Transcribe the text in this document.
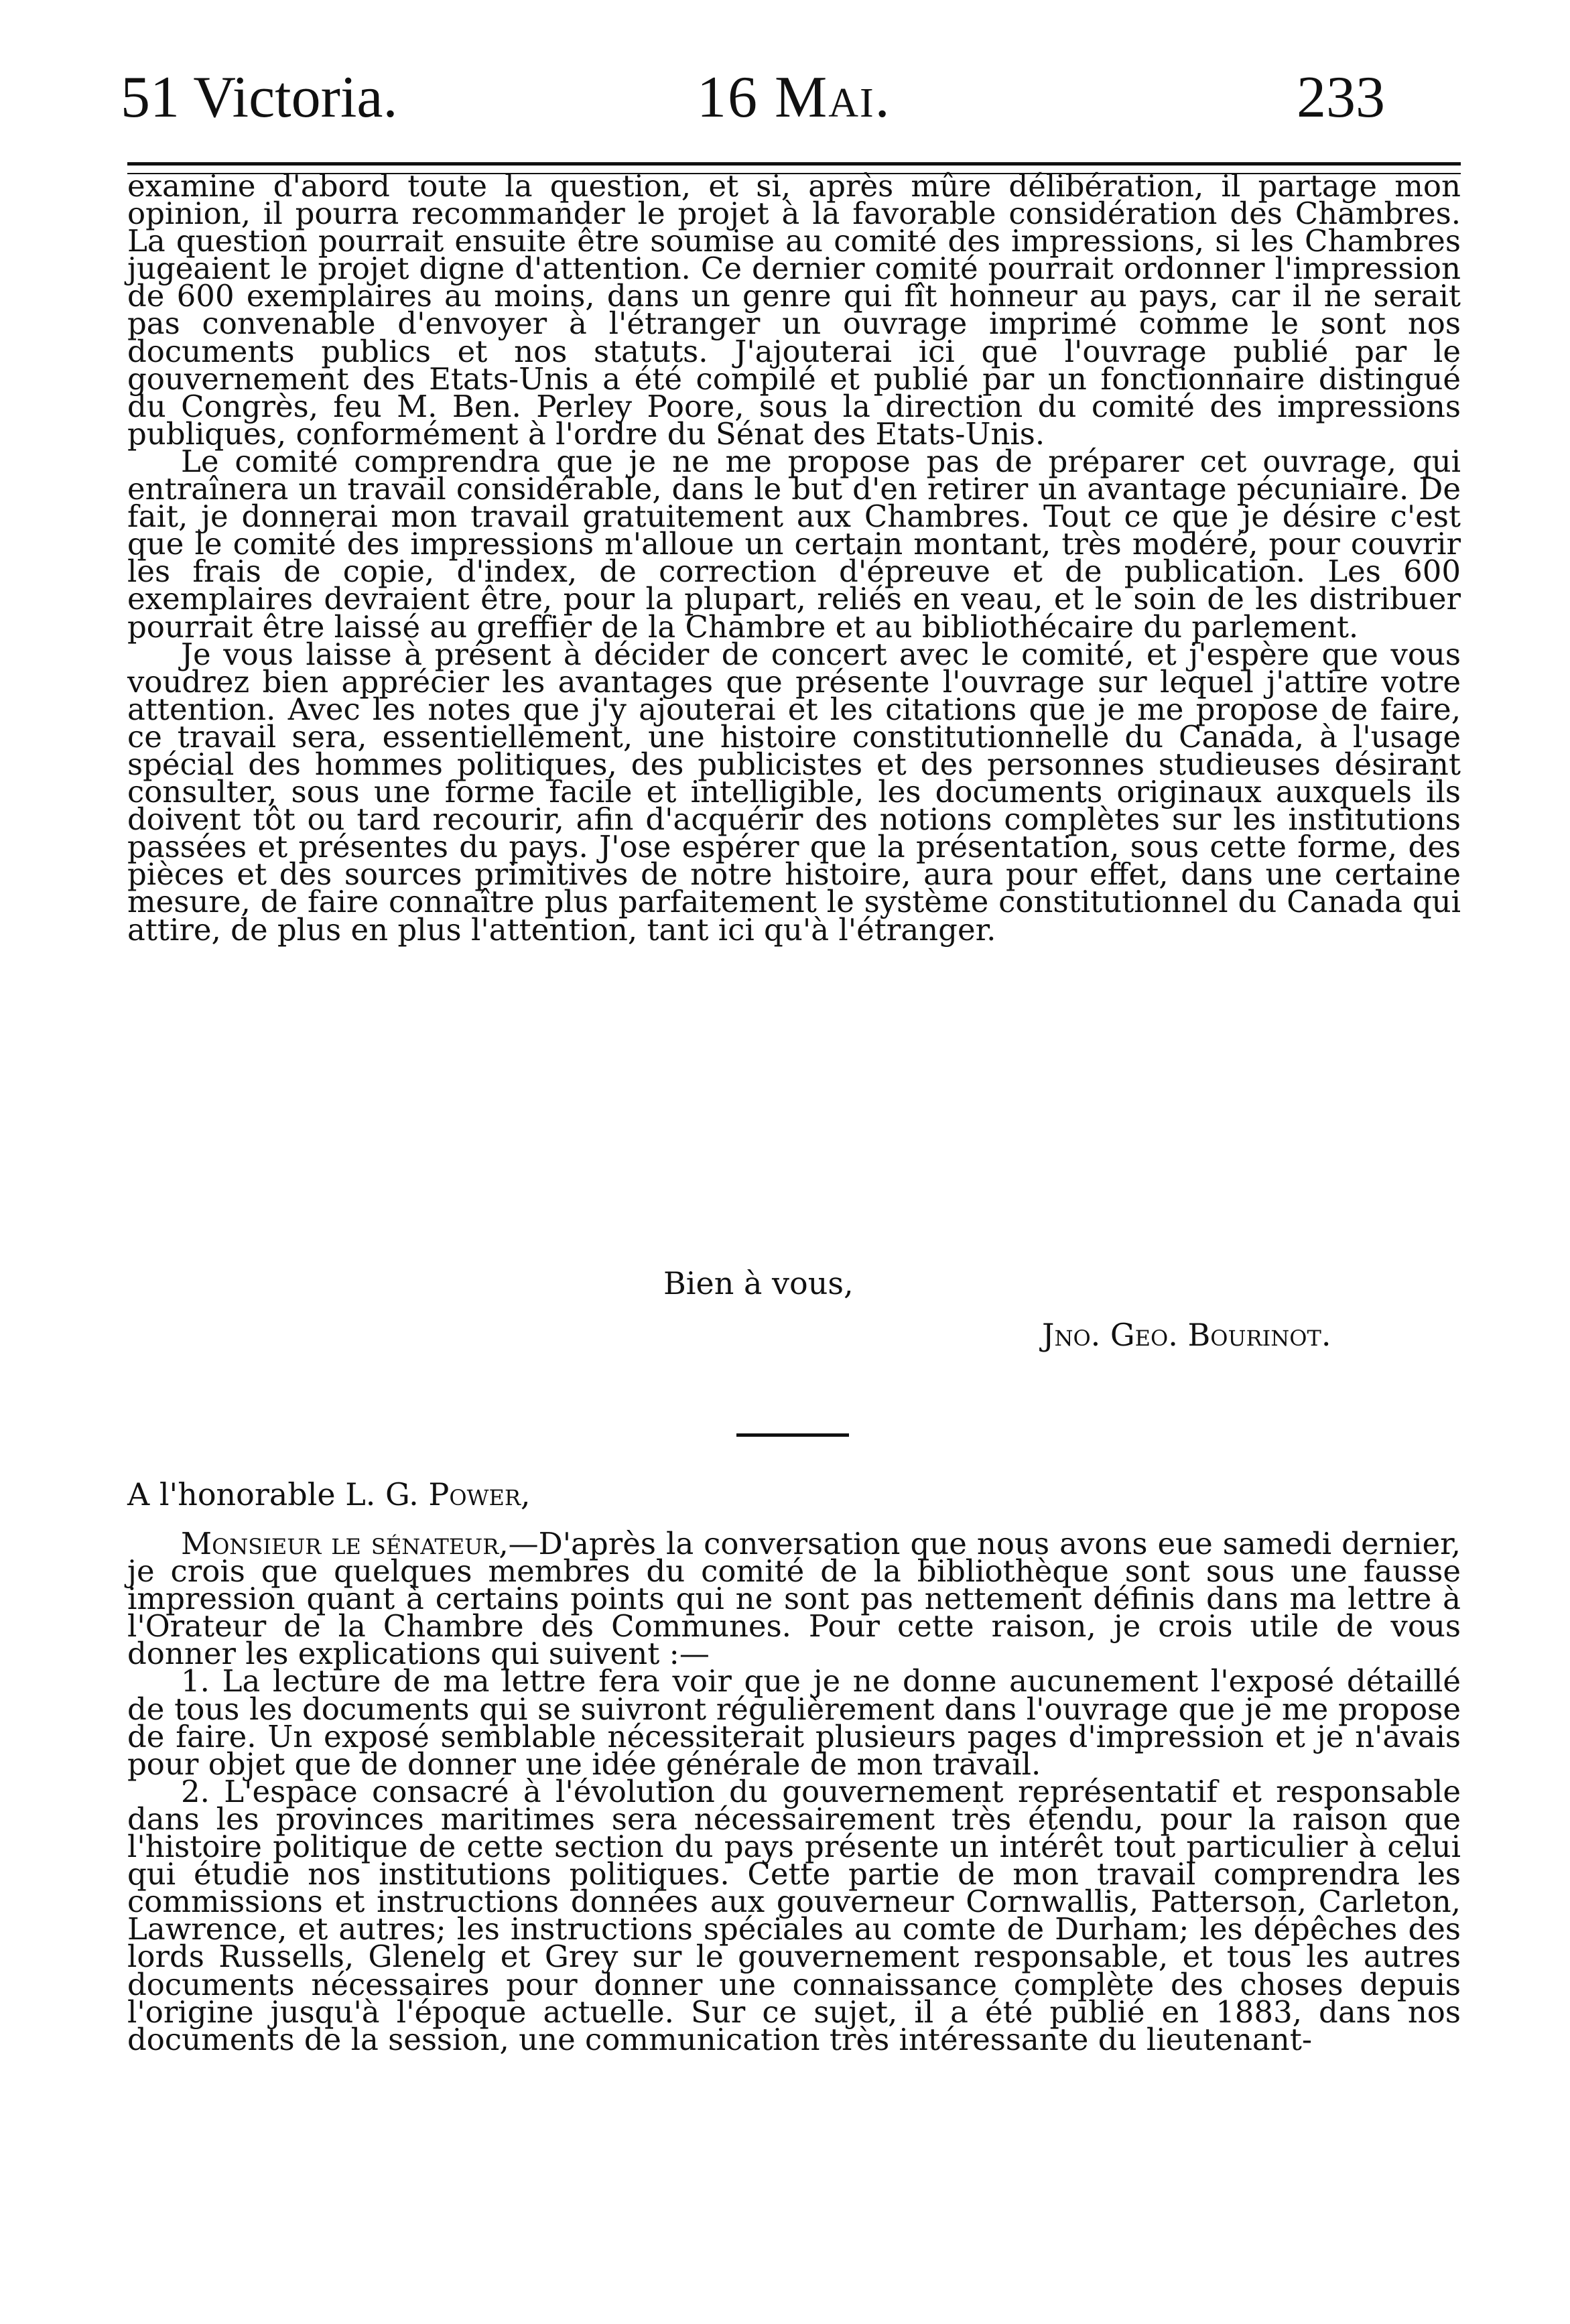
51 Victoria.	16 Mai.	233

examine d'abord toute la question, et si, après mûre délibération, il partage mon opinion, il pourra recommander le projet à la favorable considération des Chambres. La question pourrait ensuite être soumise au comité des impressions, si les Chambres jugeaient le projet digne d'attention. Ce dernier comité pourrait ordonner l'impression de 600 exemplaires au moins, dans un genre qui fît honneur au pays, car il ne serait pas convenable d'envoyer à l'étranger un ouvrage imprimé comme le sont nos documents publics et nos statuts. J'ajouterai ici que l'ouvrage publié par le gouvernement des Etats-Unis a été compilé et publié par un fonctionnaire distingué du Congrès, feu M. Ben. Perley Poore, sous la direction du comité des impressions publiques, conformément à l'ordre du Sénat des Etats-Unis.

Le comité comprendra que je ne me propose pas de préparer cet ouvrage, qui entraînera un travail considérable, dans le but d'en retirer un avantage pécuniaire. De fait, je donnerai mon travail gratuitement aux Chambres. Tout ce que je désire c'est que le comité des impressions m'alloue un certain montant, très modéré, pour couvrir les frais de copie, d'index, de correction d'épreuve et de publication. Les 600 exemplaires devraient être, pour la plupart, reliés en veau, et le soin de les distribuer pourrait être laissé au greffier de la Chambre et au bibliothécaire du parlement.

Je vous laisse à présent à décider de concert avec le comité, et j'espère que vous voudrez bien apprécier les avantages que présente l'ouvrage sur lequel j'attire votre attention. Avec les notes que j'y ajouterai et les citations que je me propose de faire, ce travail sera, essentiellement, une histoire constitutionnelle du Canada, à l'usage spécial des hommes politiques, des publicistes et des personnes studieuses désirant consulter, sous une forme facile et intelligible, les documents originaux auxquels ils doivent tôt ou tard recourir, afin d'acquérir des notions complètes sur les institutions passées et présentes du pays. J'ose espérer que la présentation, sous cette forme, des pièces et des sources primitives de notre histoire, aura pour effet, dans une certaine mesure, de faire connaître plus parfaitement le système constitutionnel du Canada qui attire, de plus en plus l'attention, tant ici qu'à l'étranger.

Bien à vous,
Jno. Geo. Bourinot.
A l'honorable L. G. Power,

Monsieur le sénateur,—D'après la conversation que nous avons eue samedi dernier, je crois que quelques membres du comité de la bibliothèque sont sous une fausse impression quant à certains points qui ne sont pas nettement définis dans ma lettre à l'Orateur de la Chambre des Communes. Pour cette raison, je crois utile de vous donner les explications qui suivent :—

1. La lecture de ma lettre fera voir que je ne donne aucunement l'exposé détaillé de tous les documents qui se suivront régulièrement dans l'ouvrage que je me propose de faire. Un exposé semblable nécessiterait plusieurs pages d'impression et je n'avais pour objet que de donner une idée générale de mon travail.

2. L'espace consacré à l'évolution du gouvernement représentatif et responsable dans les provinces maritimes sera nécessairement très étendu, pour la raison que l'histoire politique de cette section du pays présente un intérêt tout particulier à celui qui étudie nos institutions politiques. Cette partie de mon travail comprendra les commissions et instructions données aux gouverneur Cornwallis, Patterson, Carleton, Lawrence, et autres; les instructions spéciales au comte de Durham; les dépêches des lords Russells, Glenelg et Grey sur le gouvernement responsable, et tous les autres documents nécessaires pour donner une connaissance complète des choses depuis l'origine jusqu'à l'époque actuelle. Sur ce sujet, il a été publié en 1883, dans nos documents de la session, une communication très intéressante du lieutenant-
